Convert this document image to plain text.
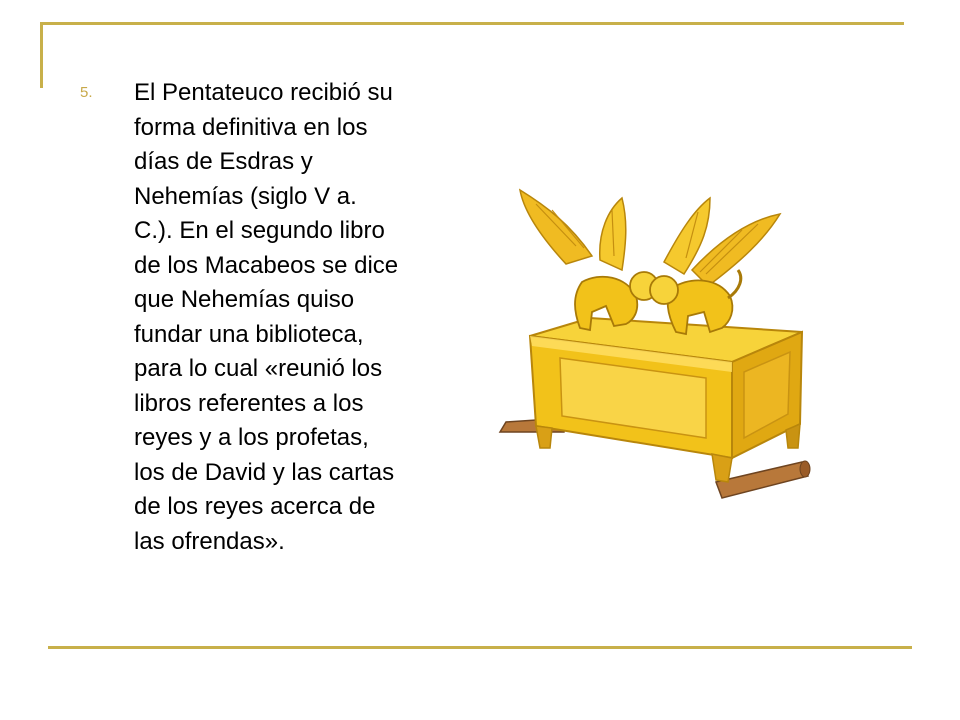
5.	El Pentateuco recibió su
forma definitiva en los
días de Esdras y
Nehemías (siglo V a.
C.). En el segundo libro
de los Macabeos se dice
que Nehemías quiso
fundar una biblioteca,
para lo cual «reunió los
libros referentes a los
reyes y a los profetas,
los de David y las cartas
de los reyes acerca de
las ofrendas».
